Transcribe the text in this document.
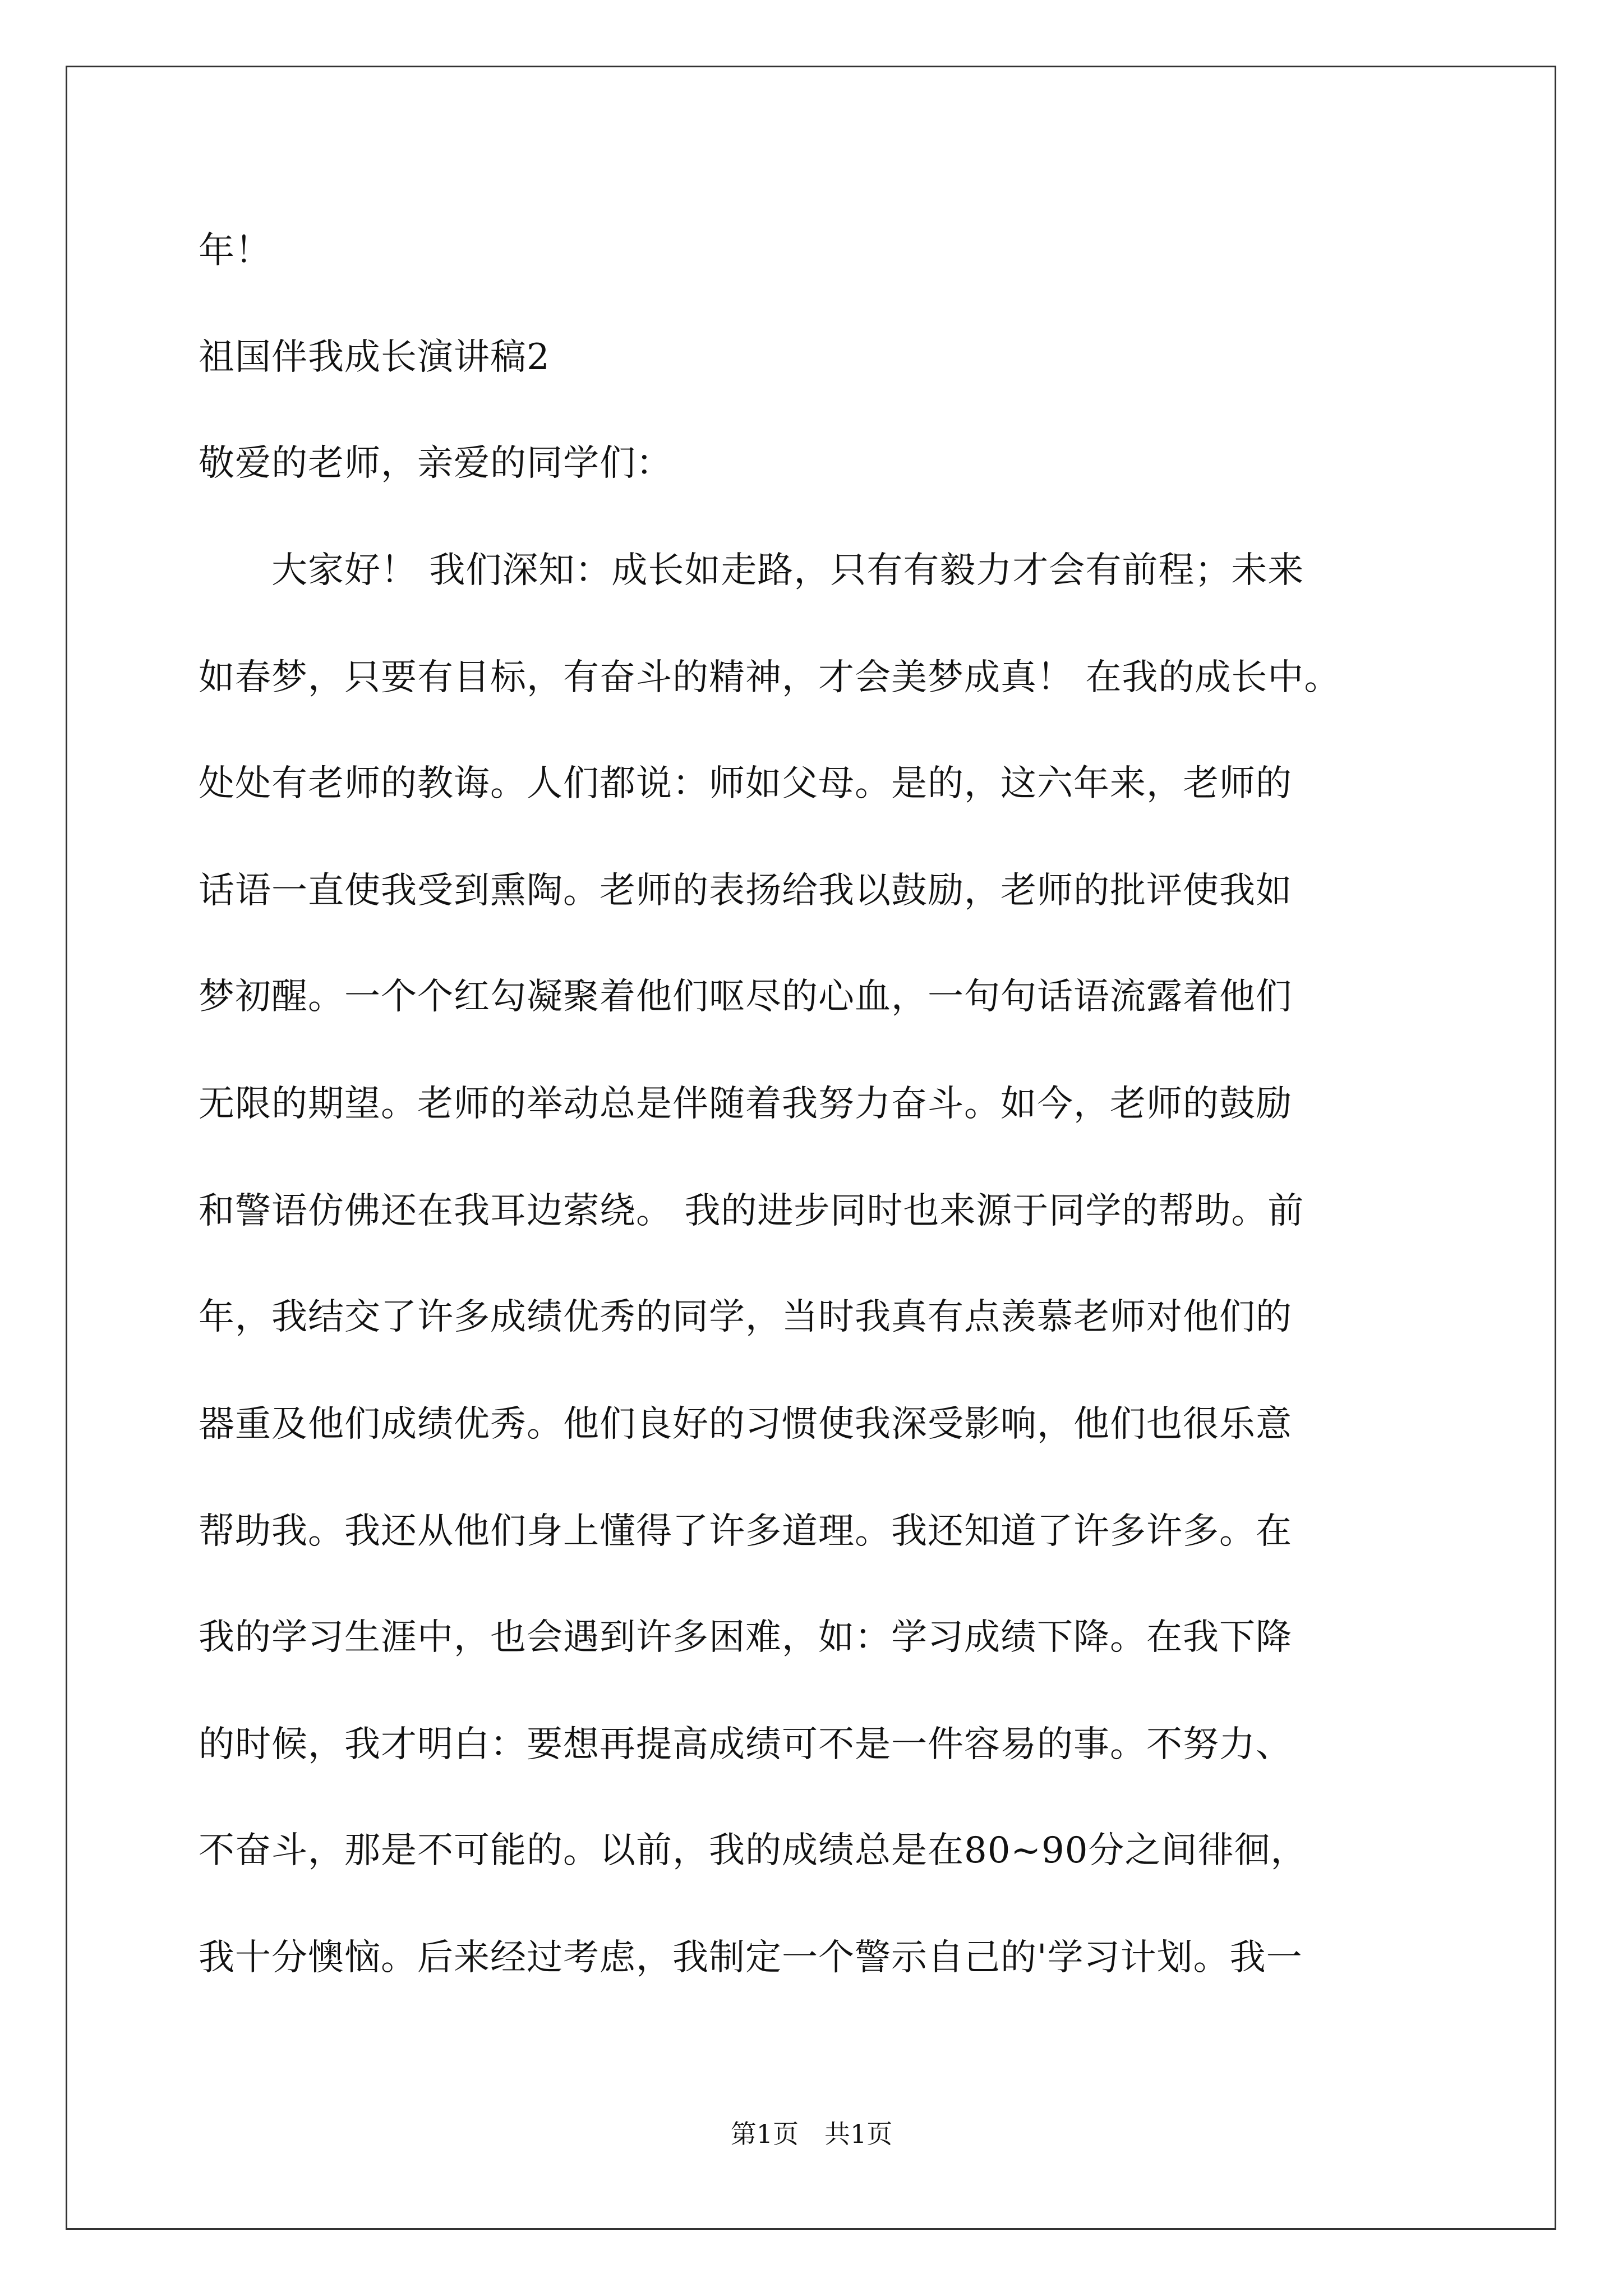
年！
祖国伴我成长演讲稿2
敬爱的老师，亲爱的同学们：
　　大家好！ 我们深知：成长如走路，只有有毅力才会有前程；未来
如春梦，只要有目标，有奋斗的精神，才会美梦成真！ 在我的成长中。
处处有老师的教诲。人们都说：师如父母。是的，这六年来，老师的
话语一直使我受到熏陶。老师的表扬给我以鼓励，老师的批评使我如
梦初醒。一个个红勾凝聚着他们呕尽的心血，一句句话语流露着他们
无限的期望。老师的举动总是伴随着我努力奋斗。如今，老师的鼓励
和警语仿佛还在我耳边萦绕。 我的进步同时也来源于同学的帮助。前
年，我结交了许多成绩优秀的同学，当时我真有点羡慕老师对他们的
器重及他们成绩优秀。他们良好的习惯使我深受影响，他们也很乐意
帮助我。我还从他们身上懂得了许多道理。我还知道了许多许多。在
我的学习生涯中，也会遇到许多困难，如：学习成绩下降。在我下降
的时候，我才明白：要想再提高成绩可不是一件容易的事。不努力、
不奋斗，那是不可能的。以前，我的成绩总是在80~90分之间徘徊，
我十分懊恼。后来经过考虑，我制定一个警示自己的'学习计划。我一
第1页　共1页
